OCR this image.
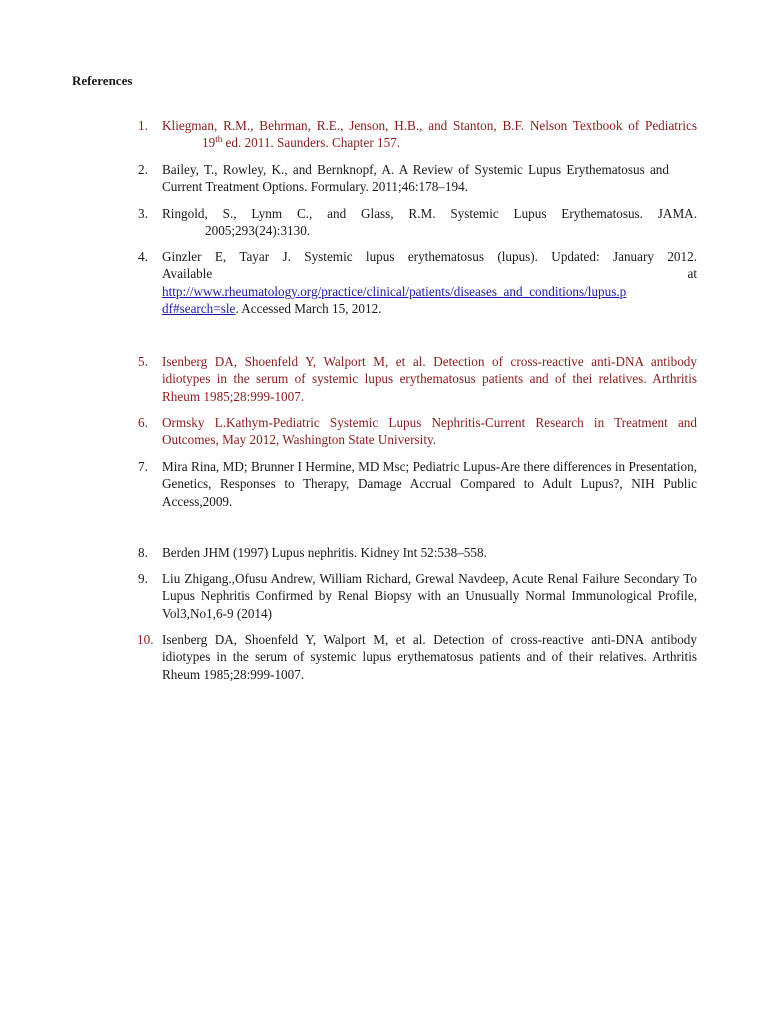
References
1.	Kliegman, R.M., Behrman, R.E., Jenson, H.B., and Stanton, B.F. Nelson Textbook of Pediatrics19th ed. 2011. Saunders. Chapter 157.
2.	Bailey, T., Rowley, K., and Bernknopf, A. A Review of Systemic Lupus Erythematosus andCurrent Treatment Options. Formulary. 2011;46:178–194.
3.	Ringold, S., Lynm C., and Glass, R.M. Systemic Lupus Erythematosus. JAMA.
2005;293(24):3130.
4.	Ginzler E, Tayar J. Systemic lupus erythematosus (lupus). Updated: January 2012.
Available	at
http://www.rheumatology.org/practice/clinical/patients/diseases_and_conditions/lupus.p
df#search=sle. Accessed March 15, 2012.
5.	Isenberg DA, Shoenfeld Y, Walport M, et al. Detection of cross-reactive anti-DNA antibody idiotypes in the serum of systemic lupus erythematosus patients and of thei relatives. Arthritis Rheum 1985;28:999-1007.
6.	Ormsky L.Kathym-Pediatric Systemic Lupus Nephritis-Current Research in Treatment and Outcomes, May 2012, Washington State University.
7.	Mira Rina, MD; Brunner I Hermine, MD Msc; Pediatric Lupus-Are there differences in Presentation, Genetics, Responses to Therapy, Damage Accrual Compared to Adult Lupus?, NIH Public Access,2009.
8.	Berden JHM (1997) Lupus nephritis. Kidney Int 52:538–558.
9.	Liu Zhigang.,Ofusu Andrew, William Richard, Grewal Navdeep, Acute Renal Failure Secondary To Lupus Nephritis Confirmed by Renal Biopsy with an Unusually Normal Immunological Profile, Vol3,No1,6-9 (2014)
10. Isenberg DA, Shoenfeld Y, Walport M, et al. Detection of cross-reactive anti-DNA antibody idiotypes in the serum of systemic lupus erythematosus patients and of their relatives. Arthritis Rheum 1985;28:999-1007.
